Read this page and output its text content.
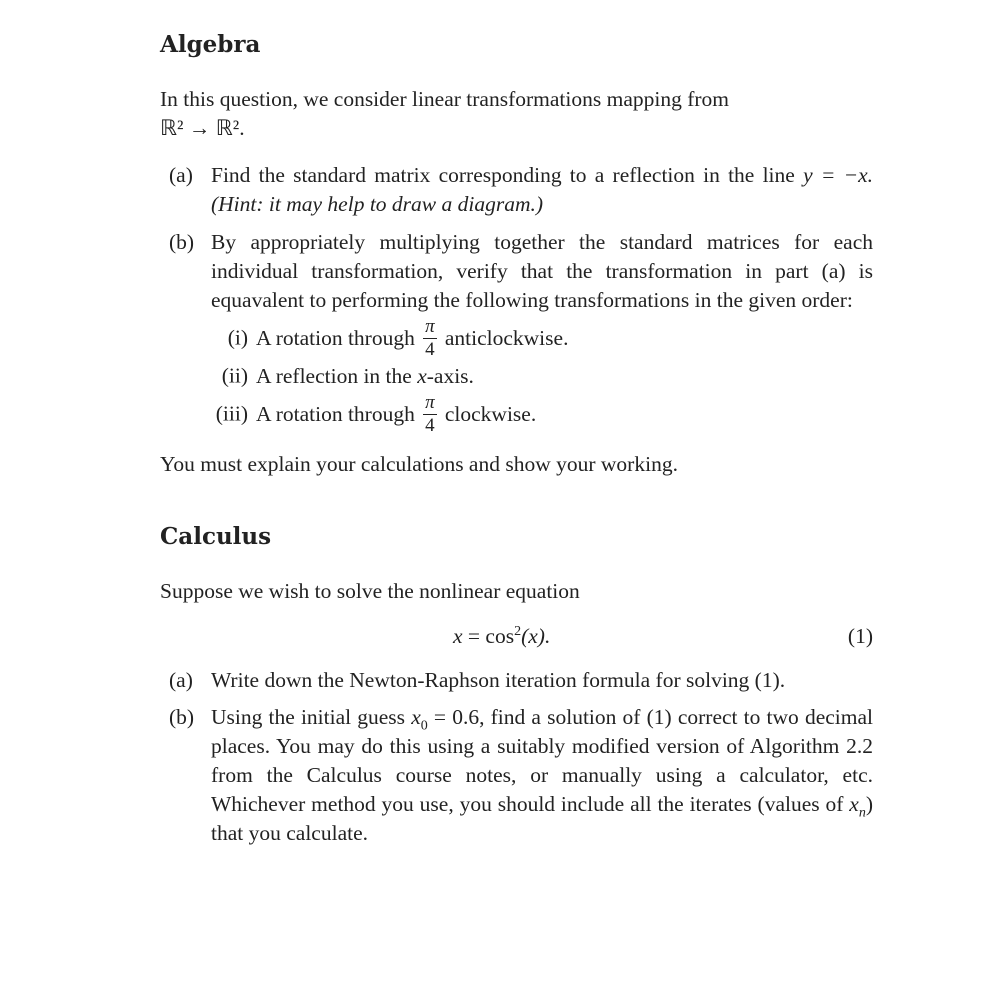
Algebra

In this question, we consider linear transformations mapping from
ℝ² → ℝ².

(a) Find the standard matrix corresponding to a reflection in the line y = −x. (Hint: it may help to draw a diagram.)
(b) By appropriately multiplying together the standard matrices for each individual transformation, verify that the transformation in part (a) is equavalent to performing the following transformations in the given order:
(i) A rotation through $\frac{\pi}{4}$ anticlockwise.
(ii) A reflection in the
x -axis.
(iii) A rotation through $\frac{\pi}{4}$ clockwise.

You must explain your calculations and show your working.

Calculus

Suppose we wish to solve the nonlinear equation

$x = \cos^2(x)$.	(1)
(a) Write down the Newton-Raphson iteration formula for solving (1).
(b) Using the initial guess $x_0 = 0.6$, find a solution of (1) correct to two decimal places. You may do this using a suitably modified version of Algorithm 2.2 from the Calculus course notes, or manually using a calculator, etc. Whichever method you use, you should include all the iterates (values of $x_n$) that you calculate.
